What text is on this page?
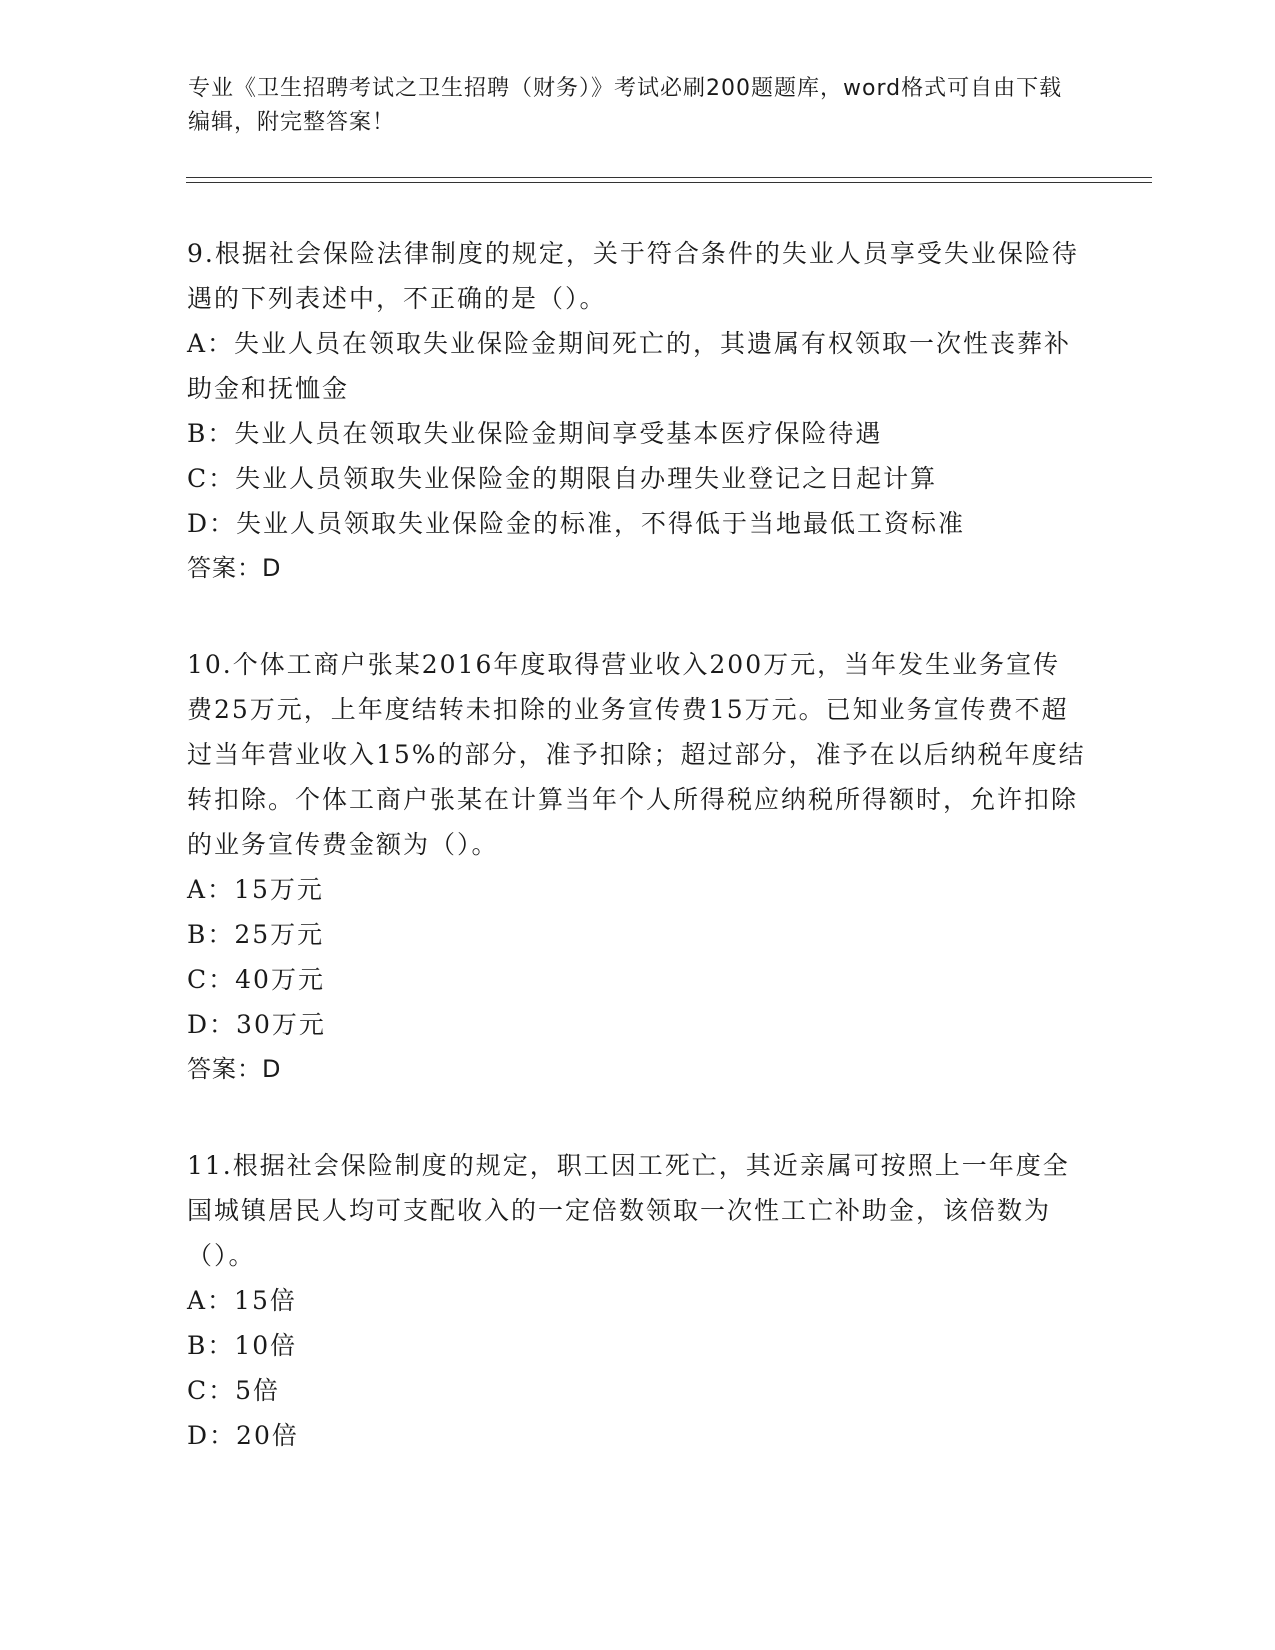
专业《卫生招聘考试之卫生招聘（财务）》考试必刷200题题库，word格式可自由下载编辑，附完整答案！
9.根据社会保险法律制度的规定，关于符合条件的失业人员享受失业保险待遇的下列表述中，不正确的是（）。
A：失业人员在领取失业保险金期间死亡的，其遗属有权领取一次性丧葬补助金和抚恤金
B：失业人员在领取失业保险金期间享受基本医疗保险待遇
C：失业人员领取失业保险金的期限自办理失业登记之日起计算
D：失业人员领取失业保险金的标准，不得低于当地最低工资标准
答案：D
10.个体工商户张某2016年度取得营业收入200万元，当年发生业务宣传费25万元，上年度结转未扣除的业务宣传费15万元。已知业务宣传费不超过当年营业收入15%的部分，准予扣除；超过部分，准予在以后纳税年度结转扣除。个体工商户张某在计算当年个人所得税应纳税所得额时，允许扣除的业务宣传费金额为（）。
A：15万元
B：25万元
C：40万元
D：30万元
答案：D
11.根据社会保险制度的规定，职工因工死亡，其近亲属可按照上一年度全国城镇居民人均可支配收入的一定倍数领取一次性工亡补助金，该倍数为（）。
A：15倍
B：10倍
C：5倍
D：20倍
